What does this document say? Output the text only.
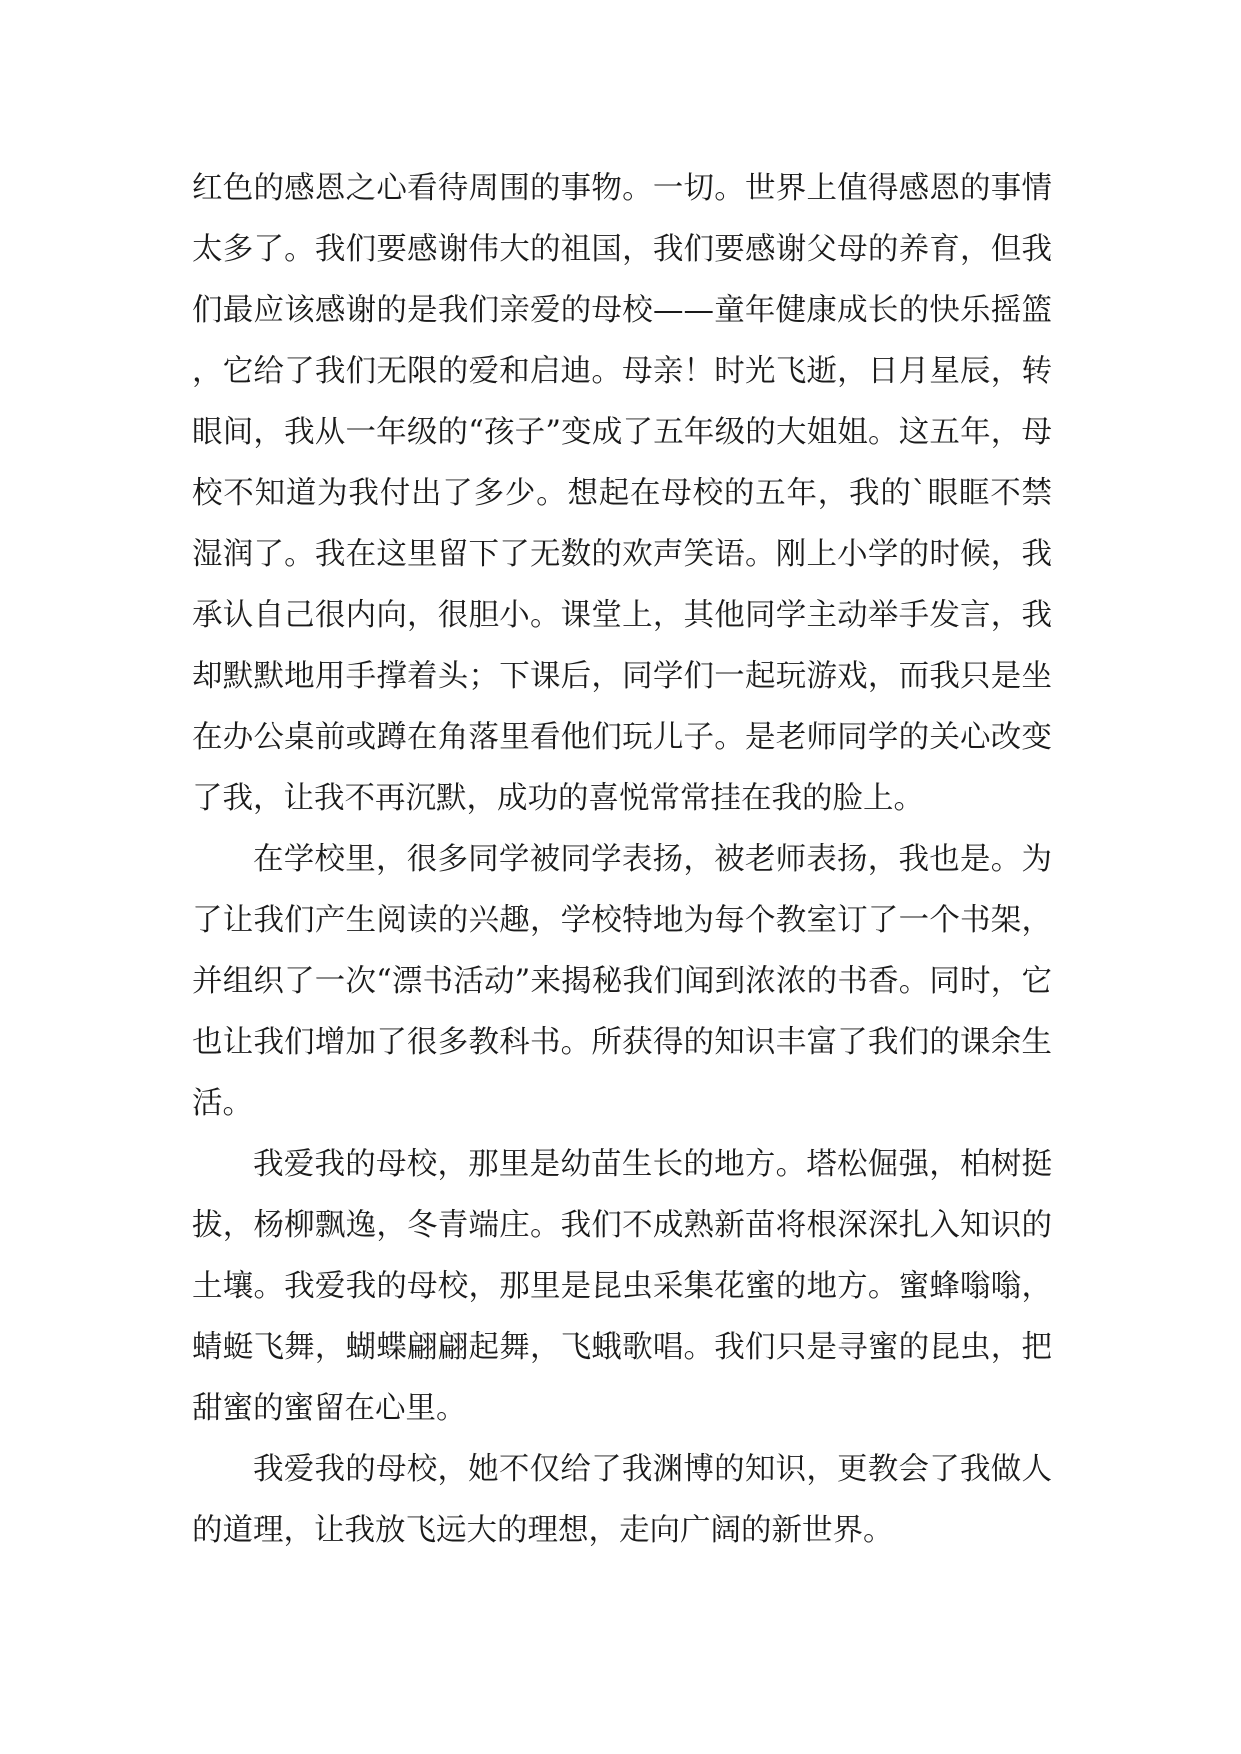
红色的感恩之心看待周围的事物。一切。世界上值得感恩的事情太多了。我们要感谢伟大的祖国，我们要感谢父母的养育，但我们最应该感谢的是我们亲爱的母校——童年健康成长的快乐摇篮，它给了我们无限的爱和启迪。母亲！时光飞逝，日月星辰，转眼间，我从一年级的“孩子”变成了五年级的大姐姐。这五年，母校不知道为我付出了多少。想起在母校的五年，我的`眼眶不禁湿润了。我在这里留下了无数的欢声笑语。刚上小学的时候，我承认自己很内向，很胆小。课堂上，其他同学主动举手发言，我却默默地用手撑着头；下课后，同学们一起玩游戏，而我只是坐在办公桌前或蹲在角落里看他们玩儿子。是老师同学的关心改变了我，让我不再沉默，成功的喜悦常常挂在我的脸上。

在学校里，很多同学被同学表扬，被老师表扬，我也是。为了让我们产生阅读的兴趣，学校特地为每个教室订了一个书架，并组织了一次“漂书活动”来揭秘我们闻到浓浓的书香。同时，它也让我们增加了很多教科书。所获得的知识丰富了我们的课余生活。

我爱我的母校，那里是幼苗生长的地方。塔松倔强，柏树挺拔，杨柳飘逸，冬青端庄。我们不成熟新苗将根深深扎入知识的土壤。我爱我的母校，那里是昆虫采集花蜜的地方。蜜蜂嗡嗡，蜻蜓飞舞，蝴蝶翩翩起舞，飞蛾歌唱。我们只是寻蜜的昆虫，把甜蜜的蜜留在心里。

我爱我的母校，她不仅给了我渊博的知识，更教会了我做人的道理，让我放飞远大的理想，走向广阔的新世界。
